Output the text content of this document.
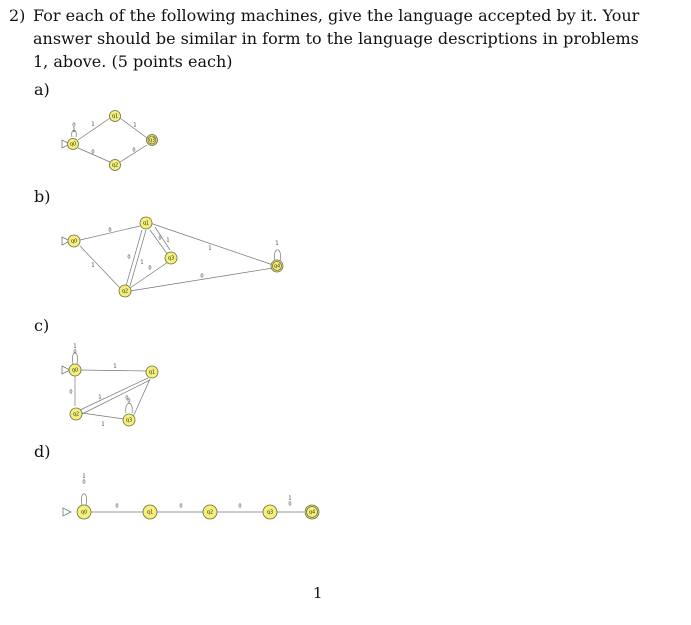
2) For each of the following machines, give the language accepted by it. Your answer should be similar in form to the language descriptions in problems 1, above. (5 points each)
a)
0
1
1
0
1
0
q0
q1
q2
q3
b)
0
1
0
1
0 1
0
1
0
1
q0
q1
q2
q3
q4
c)
1
0
1
0
1	0
1
0
q0	q1
q2
q3
d)
1
0
0	0	0
1
0
q0	q1	q2	q3	q4
1
